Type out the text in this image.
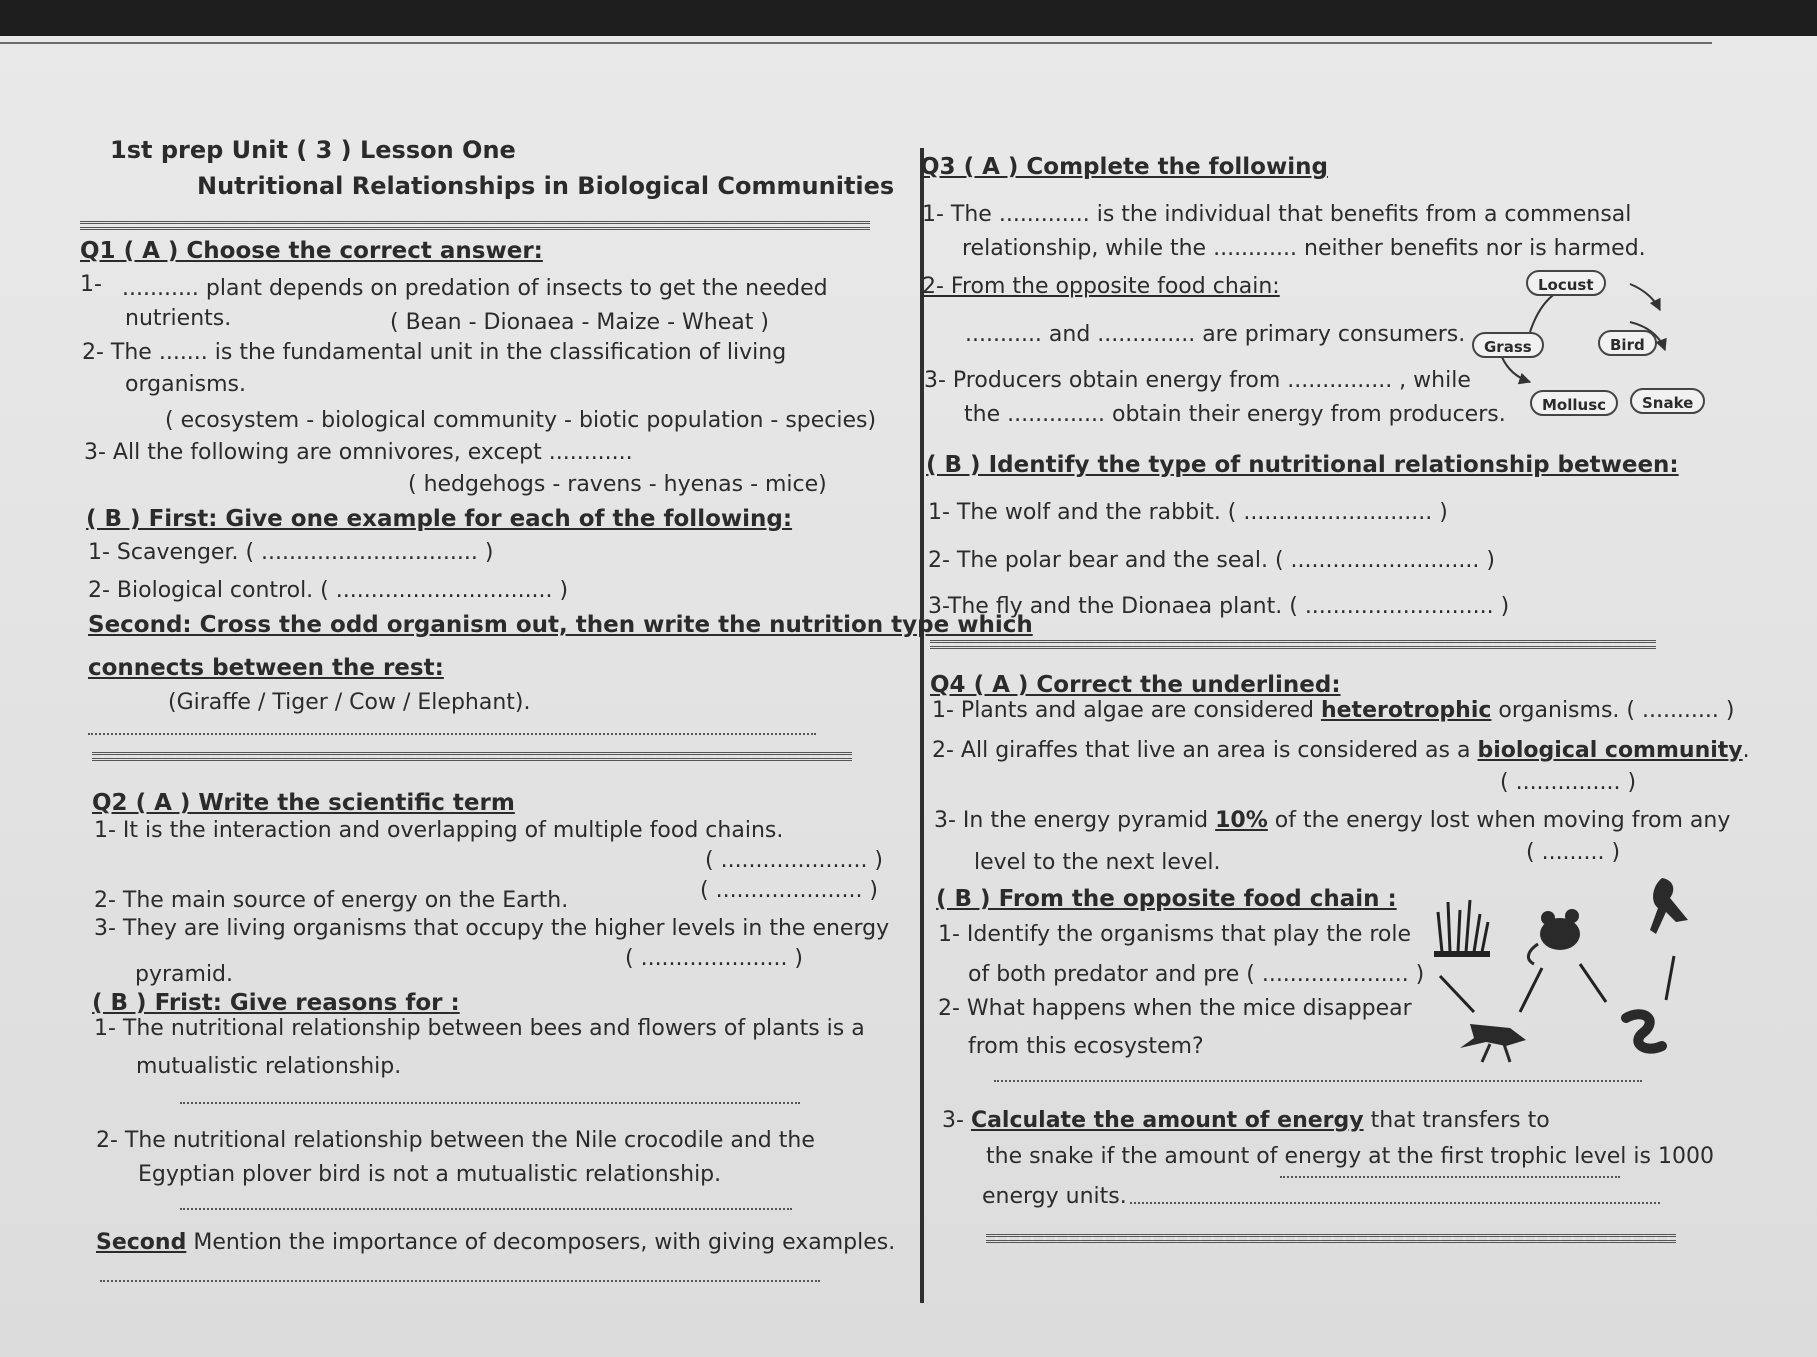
1st prep Unit ( 3 ) Lesson One
Nutritional Relationships in Biological Communities
Q1 ( A ) Choose the correct answer:
1- ........... plant depends on predation of insects to get the needed
nutrients.	( Bean - Dionaea - Maize - Wheat )
2- The ....... is the fundamental unit in the classification of living
organisms.
( ecosystem - biological community - biotic population - species)
3- All the following are omnivores, except ............
( hedgehogs - ravens - hyenas - mice)
( B ) First: Give one example for each of the following:
1- Scavenger. ( ............................... )
2- Biological control. ( ............................... )
Second: Cross the odd organism out, then write the nutrition type which
connects between the rest:
(Giraffe / Tiger / Cow / Elephant).
Q2 ( A ) Write the scientific term
1- It is the interaction and overlapping of multiple food chains.
( ..................... )
2- The main source of energy on the Earth.	( ..................... )
3- They are living organisms that occupy the higher levels in the energy
pyramid.
( ..................... )
( B ) Frist: Give reasons for :
1- The nutritional relationship between bees and flowers of plants is a
mutualistic relationship.
2- The nutritional relationship between the Nile crocodile and the
Egyptian plover bird is not a mutualistic relationship.
Second Mention the importance of decomposers, with giving examples.
Q3 ( A ) Complete the following
1- The ............. is the individual that benefits from a commensal
relationship, while the ............ neither benefits nor is harmed.
2- From the opposite food chain:
........... and .............. are primary consumers.
3- Producers obtain energy from ............... , while
the .............. obtain their energy from producers.
Locust
Grass	Bird
Mollusc	Snake
( B ) Identify the type of nutritional relationship between:
1- The wolf and the rabbit. ( ........................... )
2- The polar bear and the seal. ( ........................... )
3-The fly and the Dionaea plant. ( ........................... )
Q4 ( A ) Correct the underlined:
1- Plants and algae are considered heterotrophic organisms. ( ........... )
2- All giraffes that live an area is considered as a biological community.
( ............... )
3- In the energy pyramid 10% of the energy lost when moving from any
level to the next level.	( ......... )
( B ) From the opposite food chain :
1- Identify the organisms that play the role
of both predator and pre ( ..................... )
2- What happens when the mice disappear
from this ecosystem?
3- Calculate the amount of energy that transfers to
the snake if the amount of energy at the first trophic level is 1000
energy units.
